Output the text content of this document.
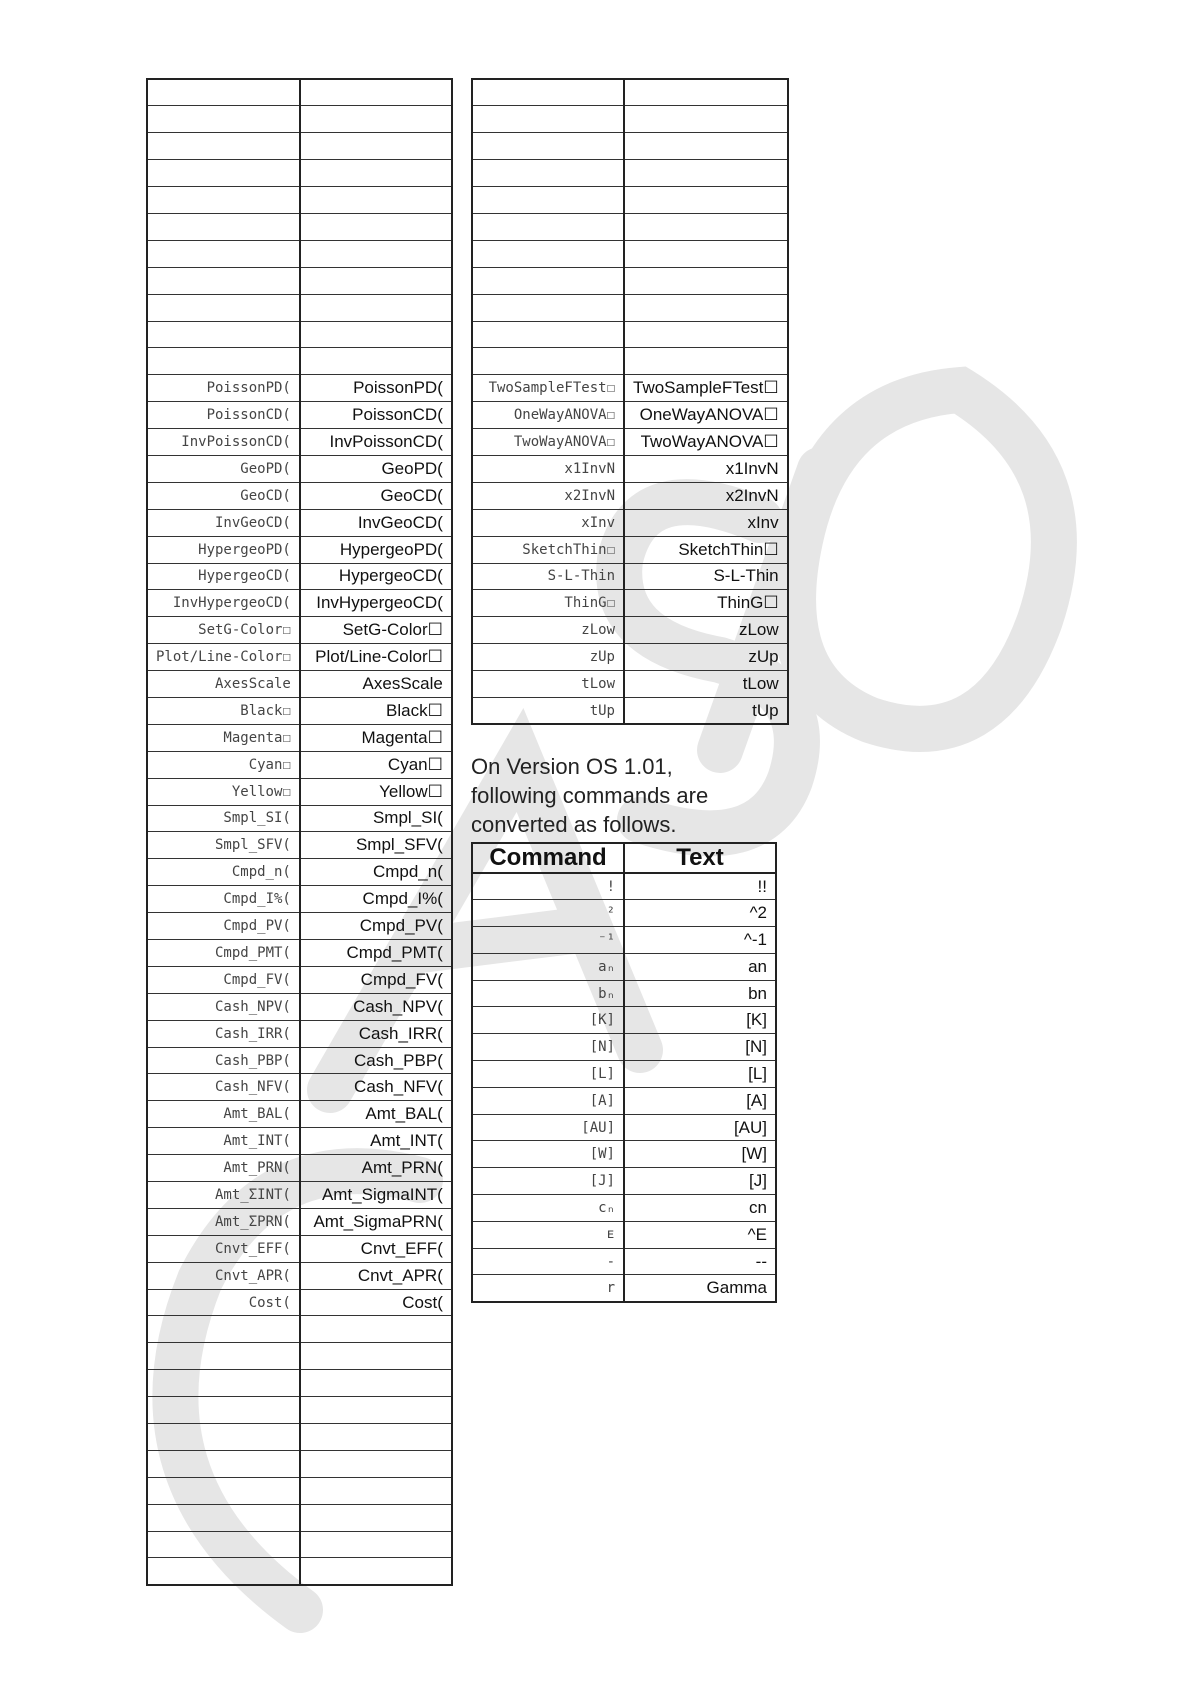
PoissonPD(	PoissonPD(
PoissonCD(	PoissonCD(
InvPoissonCD(	InvPoissonCD(
GeoPD(	GeoPD(
GeoCD(	GeoCD(
InvGeoCD(	InvGeoCD(
HypergeoPD(	HypergeoPD(
HypergeoCD(	HypergeoCD(
InvHypergeoCD(	InvHypergeoCD(
SetG-Color☐	SetG-Color☐
Plot/Line-Color☐	Plot/Line-Color☐
AxesScale	AxesScale
Black☐	Black☐
Magenta☐	Magenta☐
Cyan☐	Cyan☐
Yellow☐	Yellow☐
Smpl_SI(	Smpl_SI(
Smpl_SFV(	Smpl_SFV(
Cmpd_n(	Cmpd_n(
Cmpd_I%(	Cmpd_I%(
Cmpd_PV(	Cmpd_PV(
Cmpd_PMT(	Cmpd_PMT(
Cmpd_FV(	Cmpd_FV(
Cash_NPV(	Cash_NPV(
Cash_IRR(	Cash_IRR(
Cash_PBP(	Cash_PBP(
Cash_NFV(	Cash_NFV(
Amt_BAL(	Amt_BAL(
Amt_INT(	Amt_INT(
Amt_PRN(	Amt_PRN(
Amt_ΣINT(	Amt_SigmaINT(
Amt_ΣPRN(	Amt_SigmaPRN(
Cnvt_EFF(	Cnvt_EFF(
Cnvt_APR(	Cnvt_APR(
Cost(	Cost(

TwoSampleFTest☐	TwoSampleFTest☐
OneWayANOVA☐	OneWayANOVA☐
TwoWayANOVA☐	TwoWayANOVA☐
x1InvN	x1InvN
x2InvN	x2InvN
xInv	xInv
SketchThin☐	SketchThin☐
S-L-Thin	S-L-Thin
ThinG☐	ThinG☐
zLow	zLow
zUp	zUp
tLow	tLow
tUp	tUp
On Version OS 1.01,
following commands are
converted as follows.
Command	Text
!	!!
²	^2
⁻¹	^-1
aₙ	an
bₙ	bn
[K]	[K]
[N]	[N]
[L]	[L]
[A]	[A]
[AU]	[AU]
[W]	[W]
[J]	[J]
cₙ	cn
ᴇ	^E
-	--
r	Gamma
